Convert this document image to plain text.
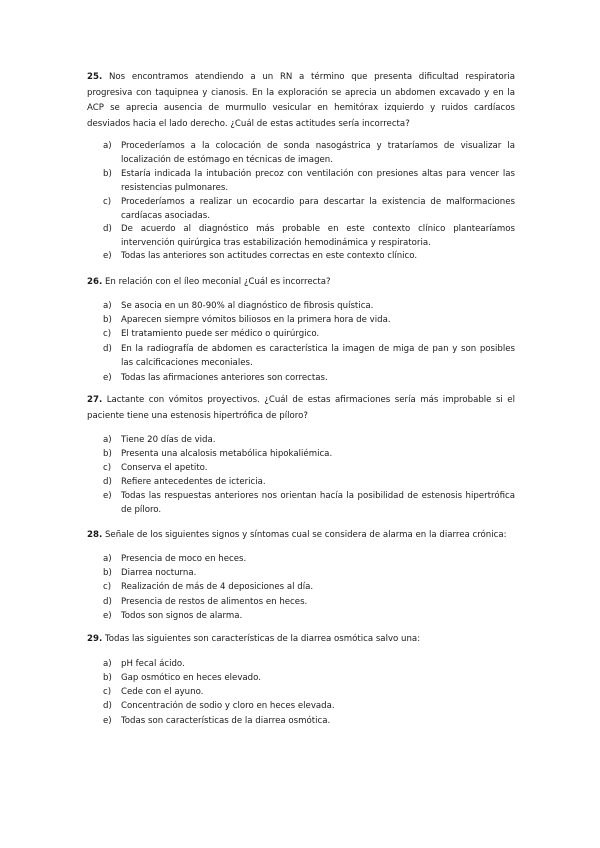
25. Nos encontramos atendiendo a un RN a término que presenta dificultad respiratoria progresiva con taquipnea y cianosis. En la exploración se aprecia un abdomen excavado y en la ACP se aprecia ausencia de murmullo vesicular en hemitórax izquierdo y ruidos cardíacos desviados hacia el lado derecho. ¿Cuál de estas actitudes sería incorrecta?
a) Procederíamos a la colocación de sonda nasogástrica y trataríamos de visualizar la localización de estómago en técnicas de imagen.
b) Estaría indicada la intubación precoz con ventilación con presiones altas para vencer las resistencias pulmonares.
c) Procederíamos a realizar un ecocardio para descartar la existencia de malformaciones cardíacas asociadas.
d) De acuerdo al diagnóstico más probable en este contexto clínico plantearíamos intervención quirúrgica tras estabilización hemodinámica y respiratoria.
e) Todas las anteriores son actitudes correctas en este contexto clínico.
26. En relación con el íleo meconial ¿Cuál es incorrecta?
a) Se asocia en un 80-90% al diagnóstico de fibrosis quística.
b) Aparecen siempre vómitos biliosos en la primera hora de vida.
c) El tratamiento puede ser médico o quirúrgico.
d) En la radiografía de abdomen es característica la imagen de miga de pan y son posibles las calcificaciones meconiales.
e) Todas las afirmaciones anteriores son correctas.
27. Lactante con vómitos proyectivos. ¿Cuál de estas afirmaciones sería más improbable si el paciente tiene una estenosis hipertrófica de píloro?
a) Tiene 20 días de vida.
b) Presenta una alcalosis metabólica hipokaliémica.
c) Conserva el apetito.
d) Refiere antecedentes de ictericia.
e) Todas las respuestas anteriores nos orientan hacía la posibilidad de estenosis hipertrófica de píloro.
28. Señale de los siguientes signos y síntomas cual se considera de alarma en la diarrea crónica:
a) Presencia de moco en heces.
b) Diarrea nocturna.
c) Realización de más de 4 deposiciones al día.
d) Presencia de restos de alimentos en heces.
e) Todos son signos de alarma.
29. Todas las siguientes son características de la diarrea osmótica salvo una:
a) pH fecal ácido.
b) Gap osmótico en heces elevado.
c) Cede con el ayuno.
d) Concentración de sodio y cloro en heces elevada.
e) Todas son características de la diarrea osmótica.
